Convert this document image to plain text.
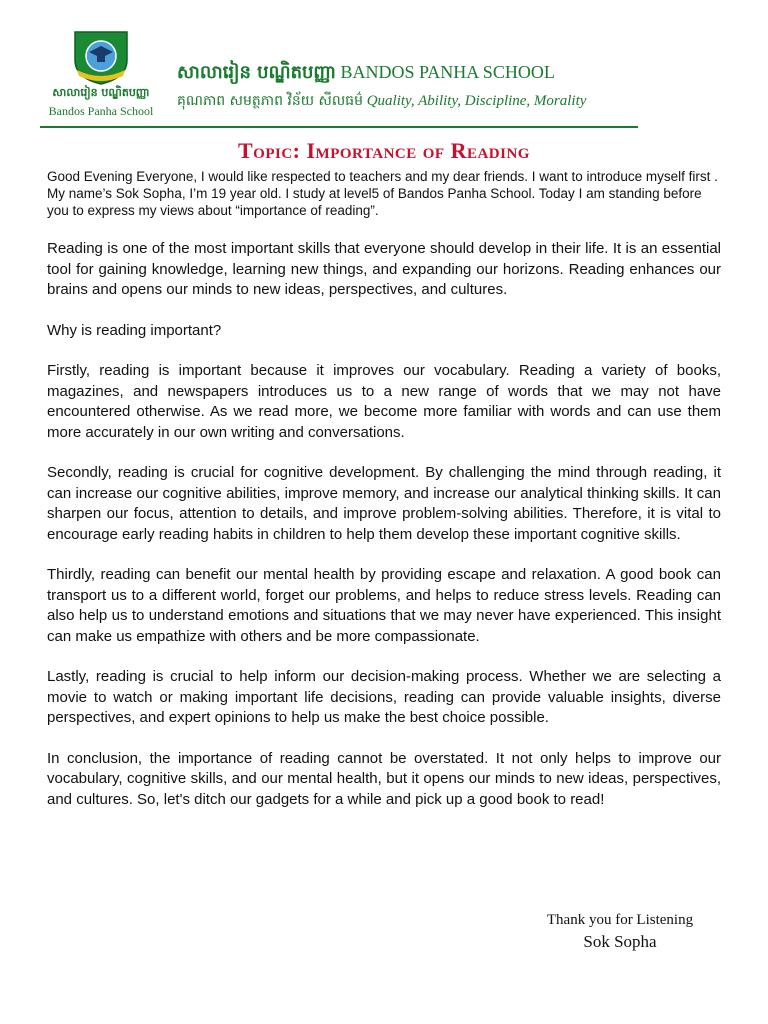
សាលារៀន បណ្ឌិតបញ្ញា
Bandos Panha School
សាលារៀន បណ្ឌិតបញ្ញា BANDOS PANHA SCHOOL
គុណភាព សមត្ថភាព វិន័យ សីលធម៌ Quality, Ability, Discipline, Morality
Topic: Importance of Reading

Good Evening Everyone, I would like respected to teachers and my dear friends. I want to introduce myself first . My name’s Sok Sopha, I’m 19 year old. I study at level5 of Bandos Panha School. Today I am standing before you to express my views about “importance of reading”.

Reading is one of the most important skills that everyone should develop in their life. It is an essential tool for gaining knowledge, learning new things, and expanding our horizons. Reading enhances our brains and opens our minds to new ideas, perspectives, and cultures.

Why is reading important?

Firstly, reading is important because it improves our vocabulary. Reading a variety of books, magazines, and newspapers introduces us to a new range of words that we may not have encountered otherwise. As we read more, we become more familiar with words and can use them more accurately in our own writing and conversations.

Secondly, reading is crucial for cognitive development. By challenging the mind through reading, it can increase our cognitive abilities, improve memory, and increase our analytical thinking skills. It can sharpen our focus, attention to details, and improve problem-solving abilities. Therefore, it is vital to encourage early reading habits in children to help them develop these important cognitive skills.

Thirdly, reading can benefit our mental health by providing escape and relaxation. A good book can transport us to a different world, forget our problems, and helps to reduce stress levels. Reading can also help us to understand emotions and situations that we may never have experienced. This insight can make us empathize with others and be more compassionate.

Lastly, reading is crucial to help inform our decision-making process. Whether we are selecting a movie to watch or making important life decisions, reading can provide valuable insights, diverse perspectives, and expert opinions to help us make the best choice possible.

In conclusion, the importance of reading cannot be overstated. It not only helps to improve our vocabulary, cognitive skills, and our mental health, but it opens our minds to new ideas, perspectives, and cultures. So, let's ditch our gadgets for a while and pick up a good book to read!

Thank you for Listening
Sok Sopha
